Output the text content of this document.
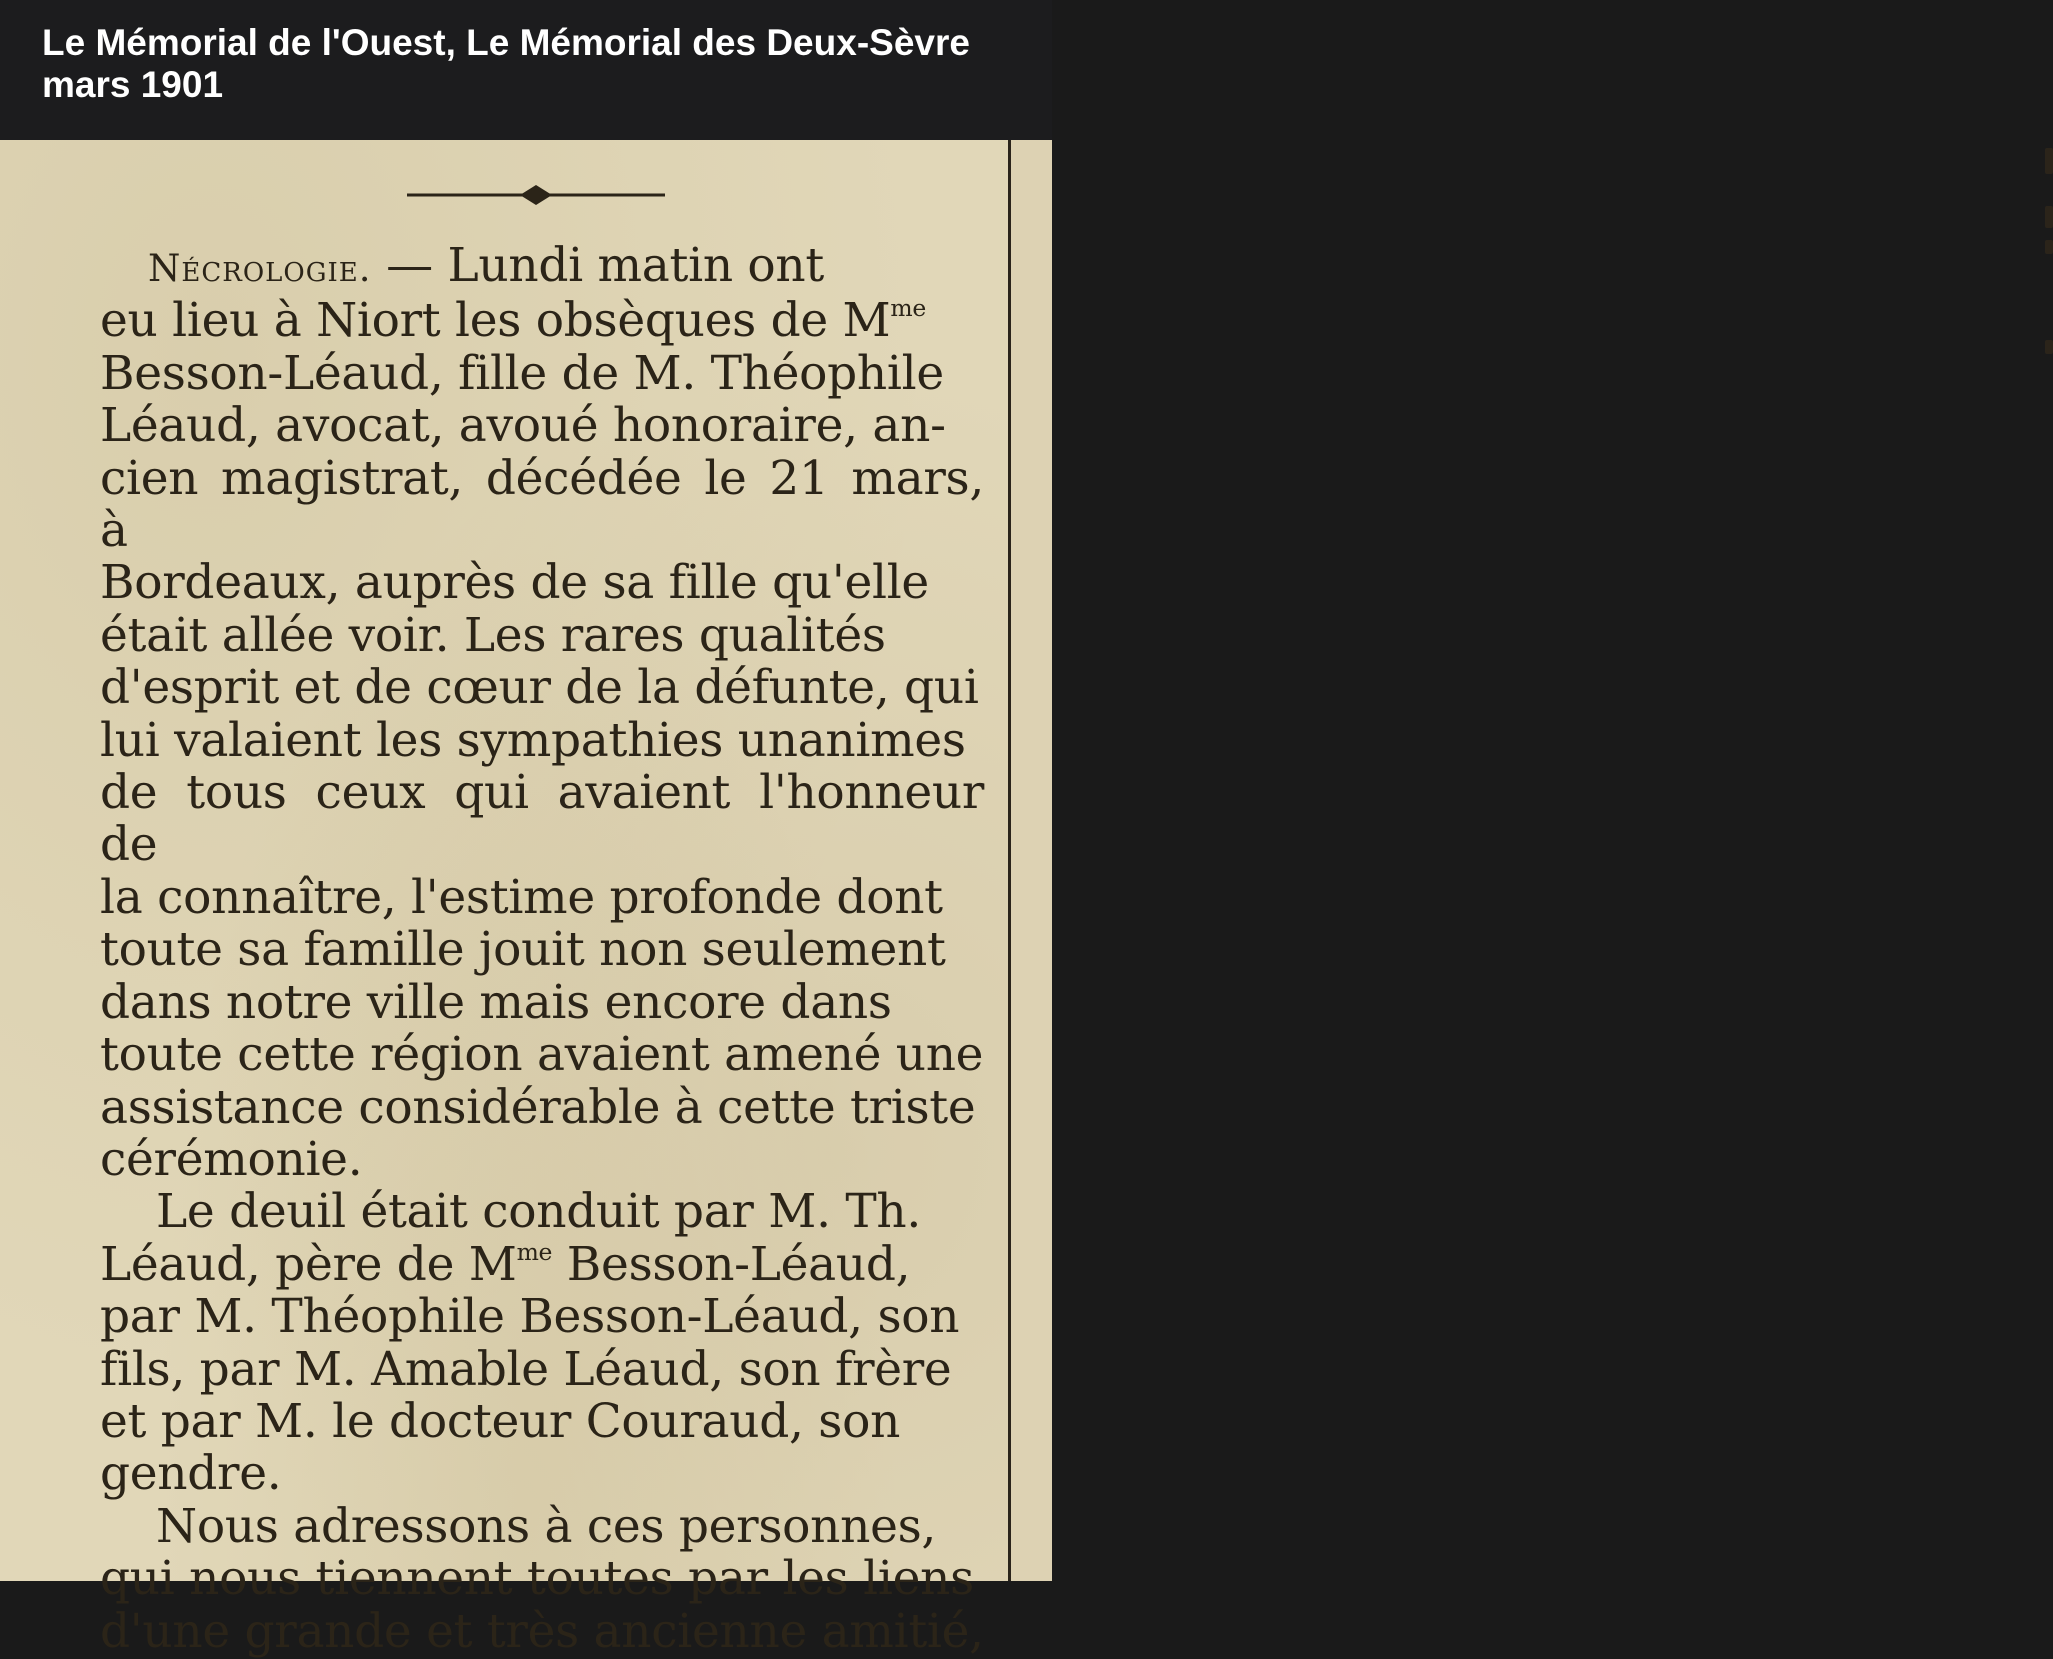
Le Mémorial de l'Ouest, Le Mémorial des Deux-Sèvre
mars 1901

Nécrologie. — Lundi matin ont
eu lieu à Niort les obsèques de $M^{me}$
Besson-Léaud, fille de M. Théophile
Léaud, avocat, avoué honoraire, an-
cien magistrat, décédée le 21 mars, à
Bordeaux, auprès de sa fille qu'elle
était allée voir. Les rares qualités
d'esprit et de cœur de la défunte, qui
lui valaient les sympathies unanimes
de tous ceux qui avaient l'honneur de
la connaître, l'estime profonde dont
toute sa famille jouit non seulement
dans notre ville mais encore dans
toute cette région avaient amené une
assistance considérable à cette triste
cérémonie.

Le deuil était conduit par M. Th.
Léaud, père de $M^{me}$ Besson-Léaud,
par M. Théophile Besson-Léaud, son
fils, par M. Amable Léaud, son frère
et par M. le docteur Couraud, son
gendre.

Nous adressons à ces personnes,
qui nous tiennent toutes par les liens
d'une grande et très ancienne amitié,
